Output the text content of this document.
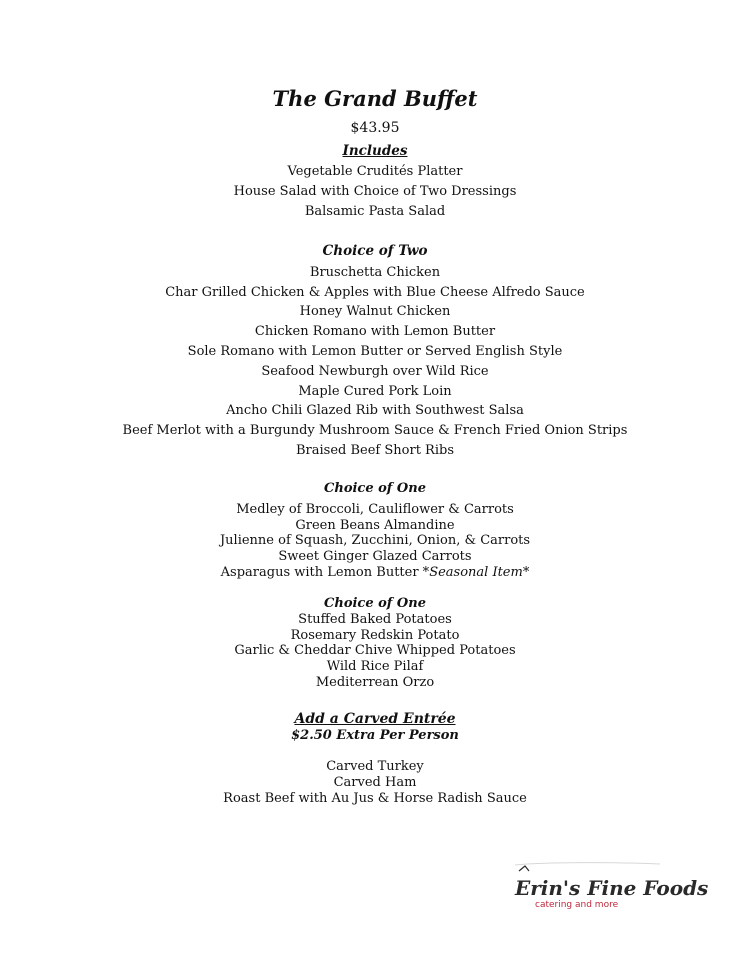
The Grand Buffet
$43.95
Includes
Vegetable Crudités Platter
House Salad with Choice of Two Dressings
Balsamic Pasta Salad
Choice of Two
Bruschetta Chicken
Char Grilled Chicken & Apples with Blue Cheese Alfredo Sauce
Honey Walnut Chicken
Chicken Romano with Lemon Butter
Sole Romano with Lemon Butter or Served English Style
Seafood Newburgh over Wild Rice
Maple Cured Pork Loin
Ancho Chili Glazed Rib with Southwest Salsa
Beef Merlot with a Burgundy Mushroom Sauce & French Fried Onion Strips
Braised Beef Short Ribs
Choice of One
Medley of Broccoli, Cauliflower & Carrots
Green Beans Almandine
Julienne of Squash, Zucchini, Onion, & Carrots
Sweet Ginger Glazed Carrots
Asparagus with Lemon Butter *Seasonal Item*
Choice of One
Stuffed Baked Potatoes
Rosemary Redskin Potato
Garlic & Cheddar Chive Whipped Potatoes
Wild Rice Pilaf
Mediterrean Orzo
Add a Carved Entrée
$2.50 Extra Per Person
Carved Turkey
Carved Ham
Roast Beef with Au Jus & Horse Radish Sauce
Erin's Fine Foods
catering and more
